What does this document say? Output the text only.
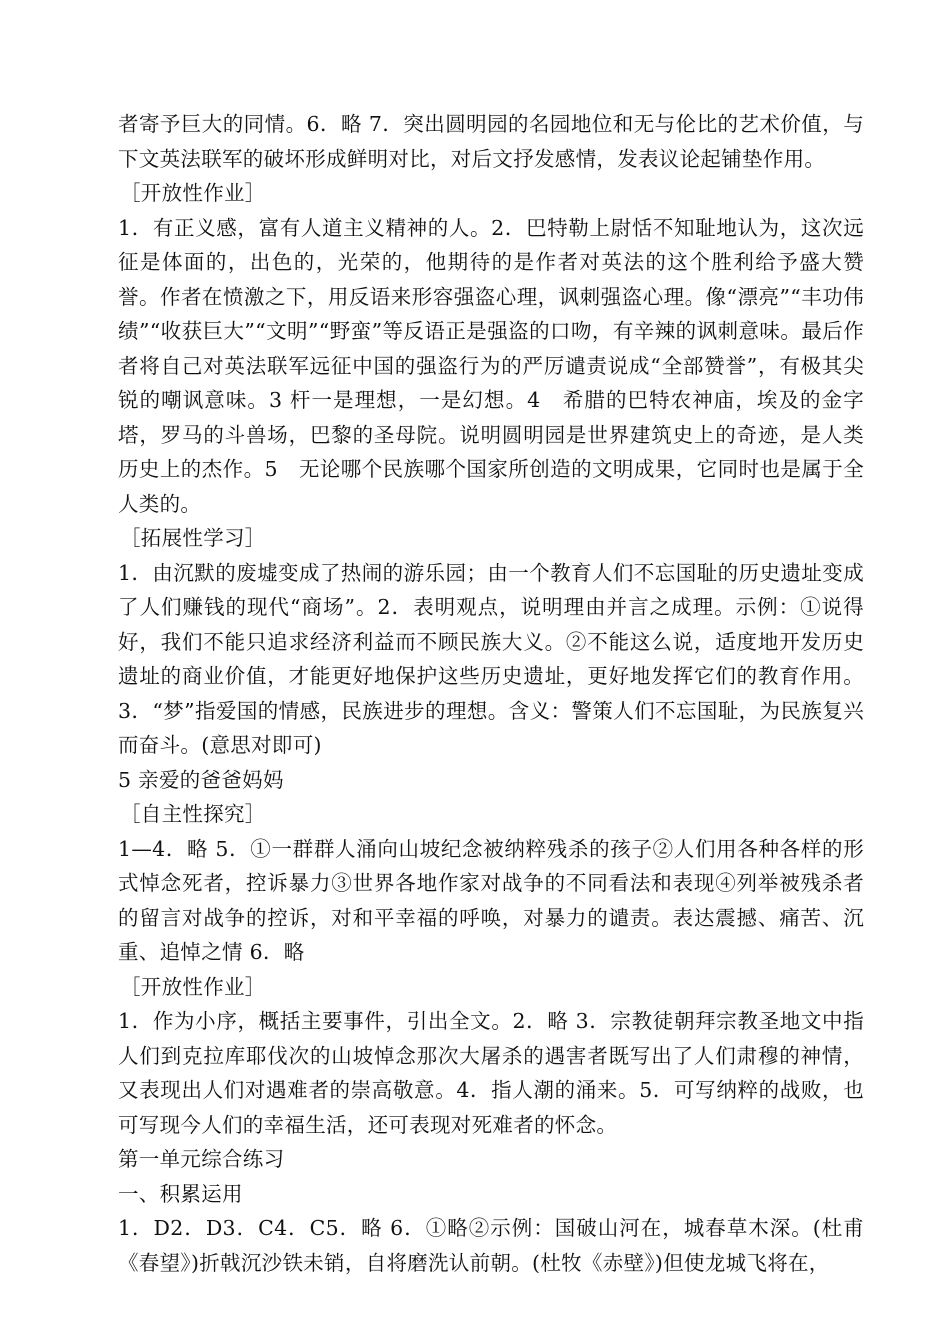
者寄予巨大的同情。6．略 7．突出圆明园的名园地位和无与伦比的艺术价值，与下文英法联军的破坏形成鲜明对比，对后文抒发感情，发表议论起铺垫作用。

［开放性作业］

1．有正义感，富有人道主义精神的人。2．巴特勒上尉恬不知耻地认为，这次远征是体面的，出色的，光荣的，他期待的是作者对英法的这个胜利给予盛大赞誉。作者在愤激之下，用反语来形容强盗心理，讽刺强盗心理。像“漂亮”“丰功伟绩”“收获巨大”“文明”“野蛮”等反语正是强盗的口吻，有辛辣的讽刺意味。最后作者将自己对英法联军远征中国的强盗行为的严厉谴责说成“全部赞誉”，有极其尖锐的嘲讽意味。3 杆一是理想，一是幻想。4　希腊的巴特农神庙，埃及的金字塔，罗马的斗兽场，巴黎的圣母院。说明圆明园是世界建筑史上的奇迹，是人类历史上的杰作。5　无论哪个民族哪个国家所创造的文明成果，它同时也是属于全人类的。

［拓展性学习］

1．由沉默的废墟变成了热闹的游乐园；由一个教育人们不忘国耻的历史遗址变成了人们赚钱的现代“商场”。2．表明观点，说明理由并言之成理。示例：①说得好，我们不能只追求经济利益而不顾民族大义。②不能这么说，适度地开发历史遗址的商业价值，才能更好地保护这些历史遗址，更好地发挥它们的教育作用。3．“梦”指爱国的情感，民族进步的理想。含义：警策人们不忘国耻，为民族复兴而奋斗。(意思对即可)

5 亲爱的爸爸妈妈

［自主性探究］

1—4．略 5．①一群群人涌向山坡纪念被纳粹残杀的孩子②人们用各种各样的形式悼念死者，控诉暴力③世界各地作家对战争的不同看法和表现④列举被残杀者的留言对战争的控诉，对和平幸福的呼唤，对暴力的谴责。表达震撼、痛苦、沉重、追悼之情 6．略

［开放性作业］

1．作为小序，概括主要事件，引出全文。2．略 3．宗教徒朝拜宗教圣地文中指人们到克拉库耶伐次的山坡悼念那次大屠杀的遇害者既写出了人们肃穆的神情，又表现出人们对遇难者的崇高敬意。4．指人潮的涌来。5．可写纳粹的战败，也可写现今人们的幸福生活，还可表现对死难者的怀念。

第一单元综合练习

一、积累运用

1．D2．D3．C4．C5．略 6．①略②示例：国破山河在，城春草木深。(杜甫《春望》)折戟沉沙铁未销，自将磨洗认前朝。(杜牧《赤壁》)但使龙城飞将在，
